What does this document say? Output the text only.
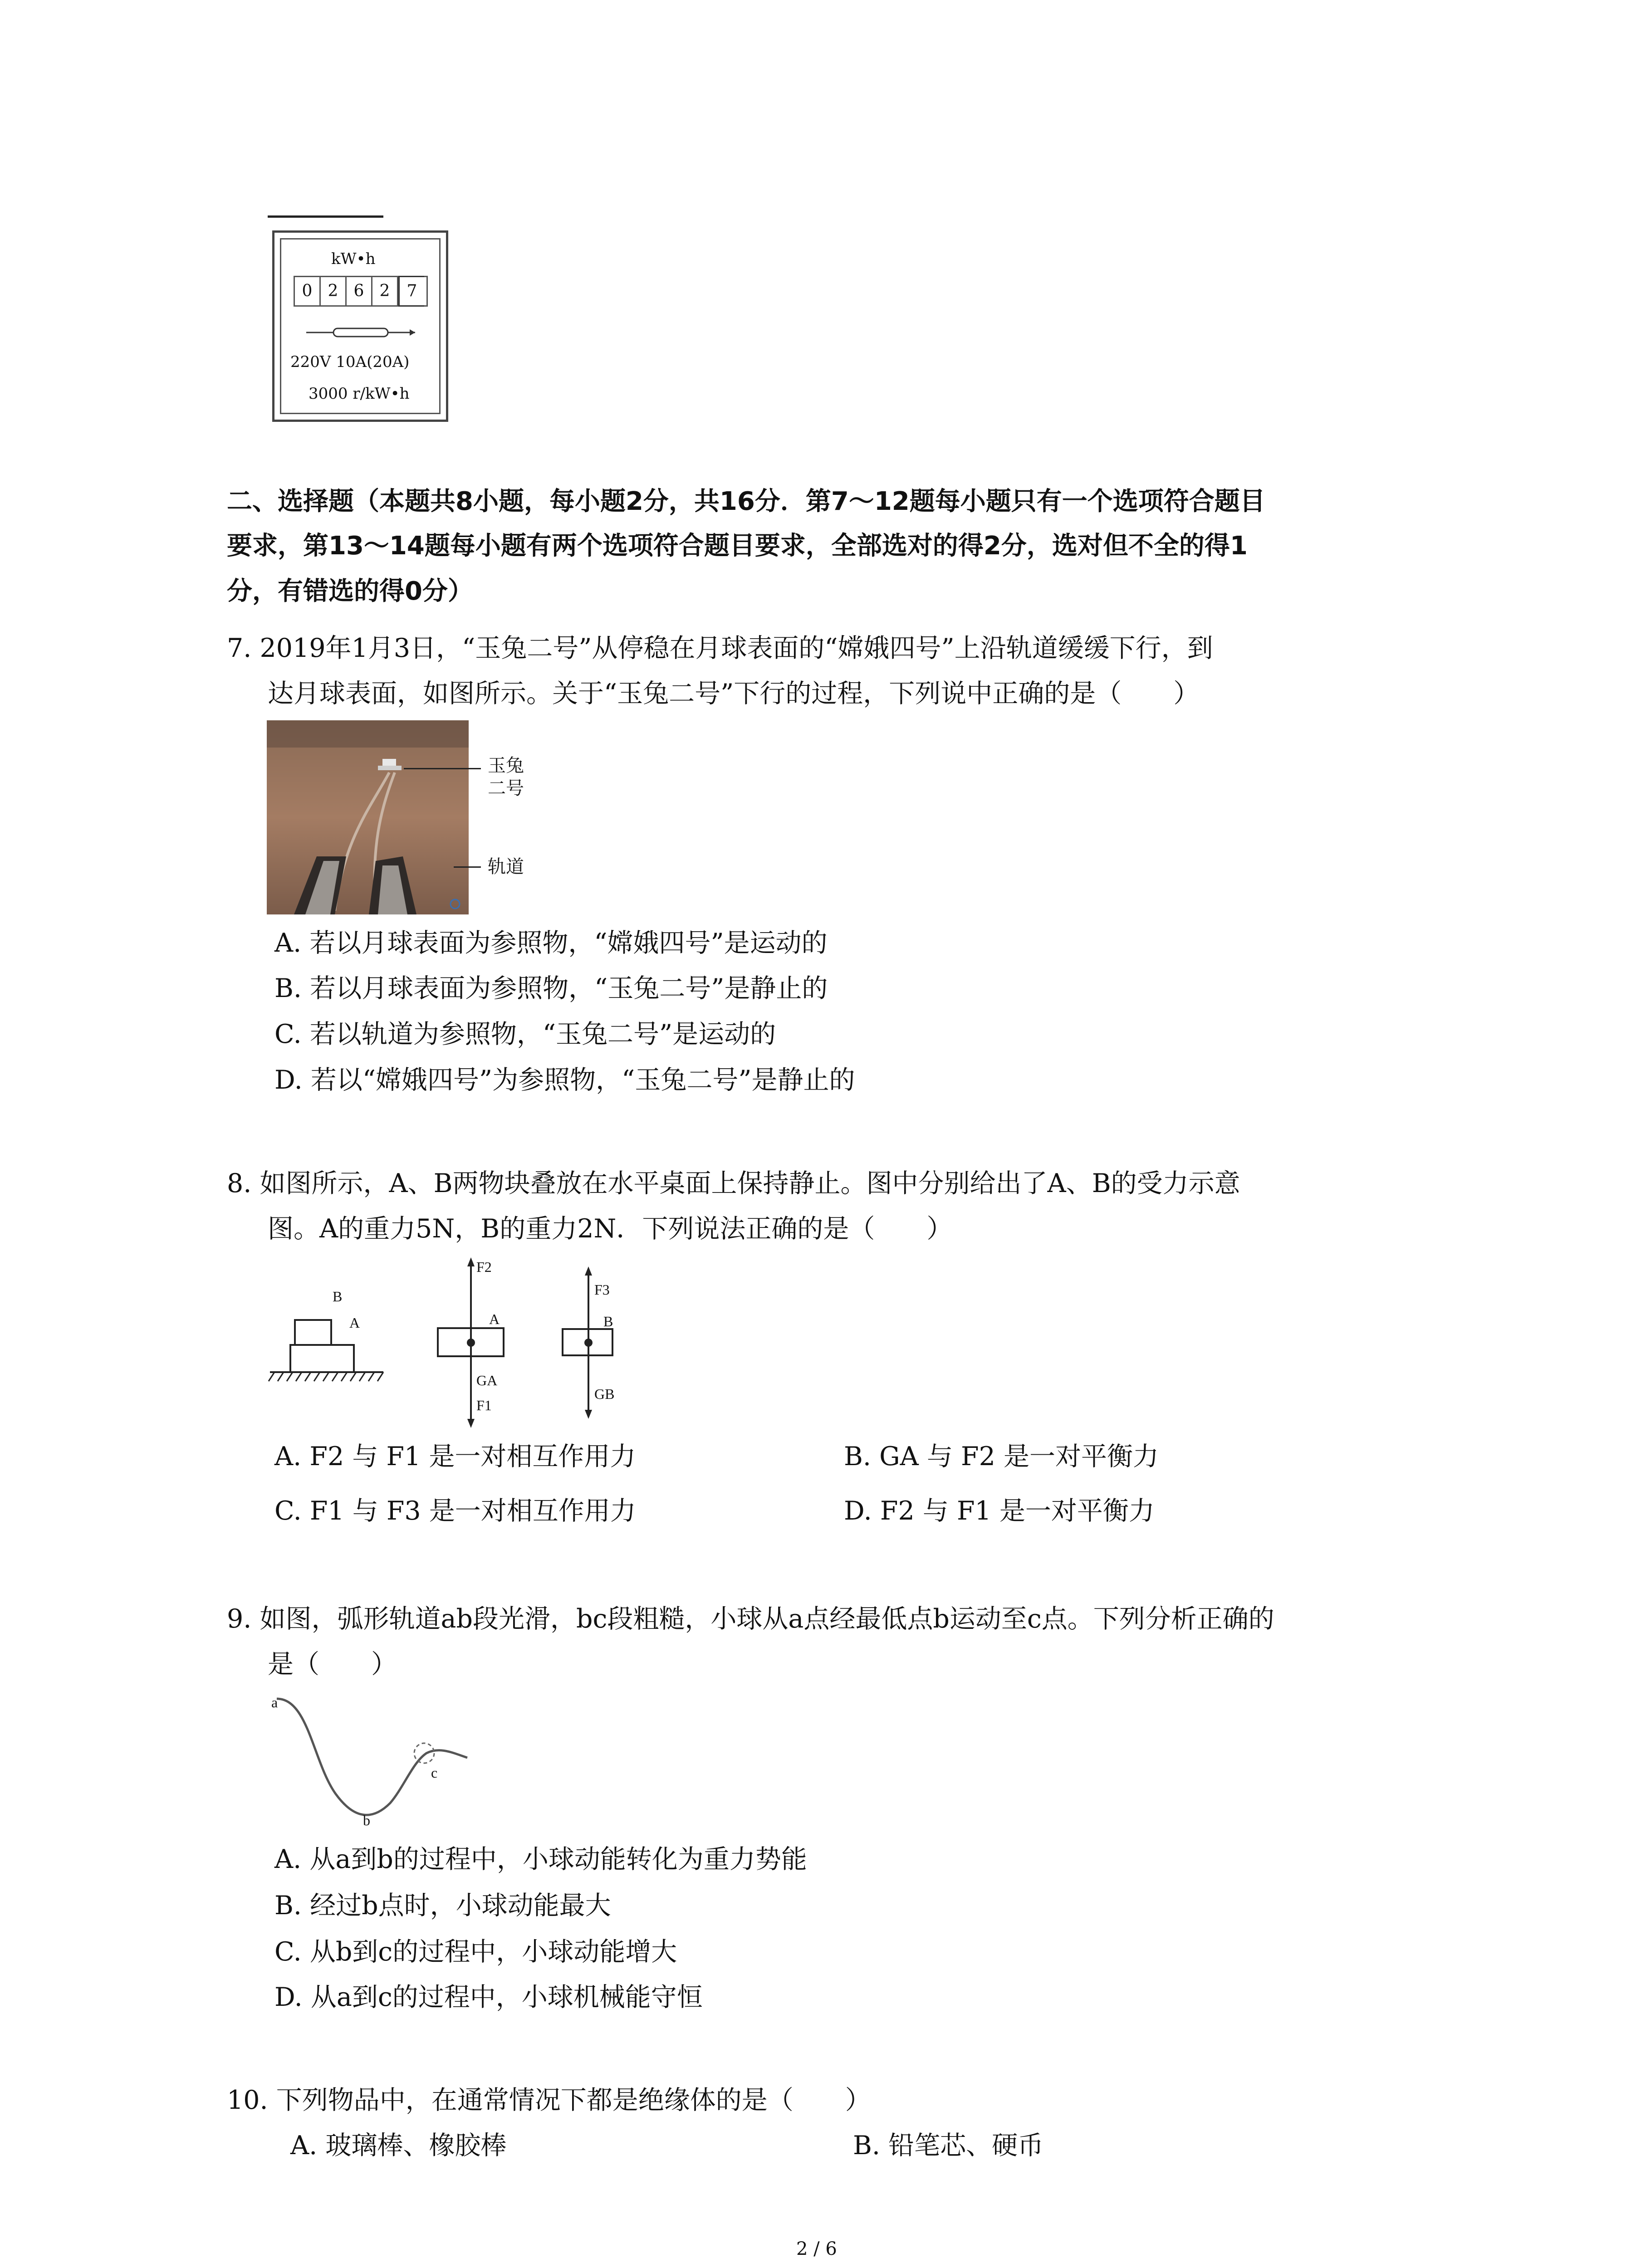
kW•h
0 2 6 2	7
220V 10A(20A)
3000 r/kW•h
二、选择题（本题共8小题，每小题2分，共16分．第7～12题每小题只有一个选项符合题目
要求，第13～14题每小题有两个选项符合题目要求，全部选对的得2分，选对但不全的得1
分，有错选的得0分）
7. 2019年1月3日，“玉兔二号”从停稳在月球表面的“嫦娥四号”上沿轨道缓缓下行，到
达月球表面，如图所示。关于“玉兔二号”下行的过程，下列说中正确的是（　　）
玉兔
二号
轨道
A. 若以月球表面为参照物，“嫦娥四号”是运动的
B. 若以月球表面为参照物，“玉兔二号”是静止的
C. 若以轨道为参照物，“玉兔二号”是运动的
D. 若以“嫦娥四号”为参照物，“玉兔二号”是静止的
8. 如图所示，A、B两物块叠放在水平桌面上保持静止。图中分别给出了A、B的受力示意
图。A的重力5N，B的重力2N．下列说法正确的是（　　）
B
A
F2
A
GA
F1
F3
B
GB
A. F2 与 F1 是一对相互作用力	B. GA 与 F2 是一对平衡力
C. F1 与 F3 是一对相互作用力	D. F2 与 F1 是一对平衡力
9. 如图，弧形轨道ab段光滑，bc段粗糙，小球从a点经最低点b运动至c点。下列分析正确的
是（　　）
a
b
c
A. 从a到b的过程中，小球动能转化为重力势能
B. 经过b点时，小球动能最大
C. 从b到c的过程中，小球动能增大
D. 从a到c的过程中，小球机械能守恒
10. 下列物品中，在通常情况下都是绝缘体的是（　　）
A. 玻璃棒、橡胶棒	B. 铅笔芯、硬币
2 / 6
